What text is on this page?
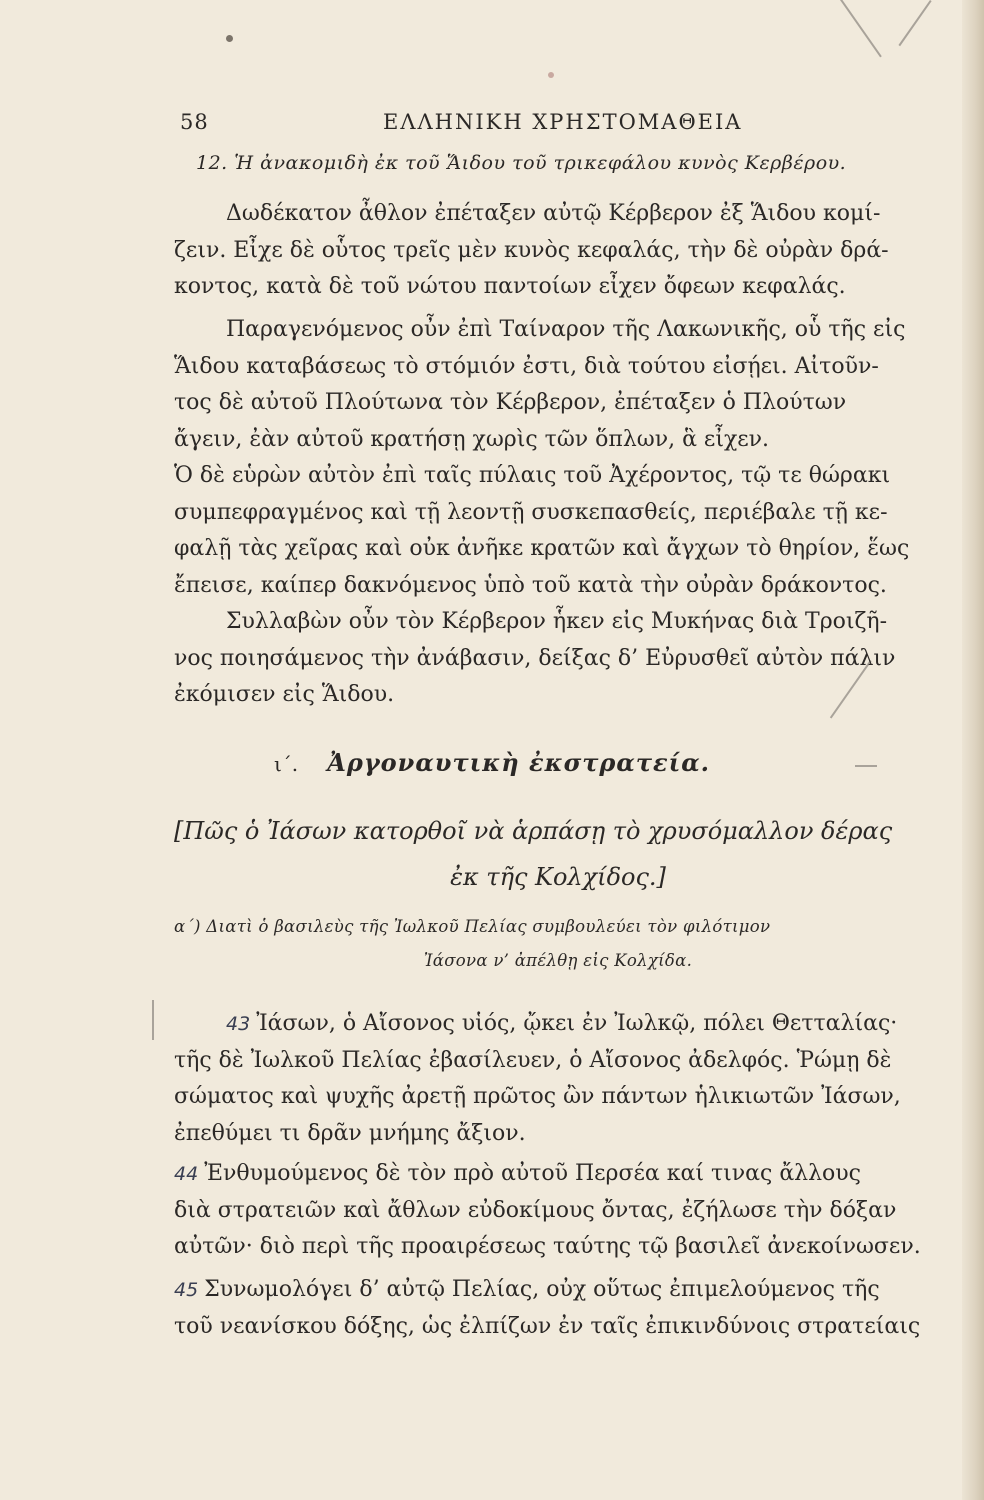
58	ΕΛΛΗΝΙΚΗ ΧΡΗΣΤΟΜΑΘΕΙΑ
12. Ἡ ἀνακομιδὴ ἐκ τοῦ Ἅιδου τοῦ τρικεφάλου κυνὸς Κερβέρου.
Δωδέκατον ἆθλον ἐπέταξεν αὐτῷ Κέρβερον ἐξ Ἅιδου κομί-
ζειν. Εἶχε δὲ οὗτος τρεῖς μὲν κυνὸς κεφαλάς, τὴν δὲ οὐρὰν δρά-
κοντος, κατὰ δὲ τοῦ νώτου παντοίων εἶχεν ὄφεων κεφαλάς.
Παραγενόμενος οὖν ἐπὶ Ταίναρον τῆς Λακωνικῆς, οὗ τῆς εἰς
Ἅιδου καταβάσεως τὸ στόμιόν ἐστι, διὰ τούτου εἰσῄει. Αἰτοῦν-
τος δὲ αὐτοῦ Πλούτωνα τὸν Κέρβερον, ἐπέταξεν ὁ Πλούτων
ἄγειν, ἐὰν αὐτοῦ κρατήσῃ χωρὶς τῶν ὅπλων, ἃ εἶχεν.
Ὁ δὲ εὑρὼν αὐτὸν ἐπὶ ταῖς πύλαις τοῦ Ἀχέροντος, τῷ τε θώρακι
συμπεφραγμένος καὶ τῇ λεοντῇ συσκεπασθείς, περιέβαλε τῇ κε-
φαλῇ τὰς χεῖρας καὶ οὐκ ἀνῆκε κρατῶν καὶ ἄγχων τὸ θηρίον, ἕως
ἔπεισε, καίπερ δακνόμενος ὑπὸ τοῦ κατὰ τὴν οὐρὰν δράκοντος.
Συλλαβὼν οὖν τὸν Κέρβερον ἧκεν εἰς Μυκήνας διὰ Τροιζῆ-
νος ποιησάμενος τὴν ἀνάβασιν, δείξας δ’ Εὐρυσθεῖ αὐτὸν πάλιν
ἐκόμισεν εἰς Ἅιδου.
ι΄. Ἀργοναυτικὴ ἐκστρατεία.
[Πῶς ὁ Ἰάσων κατορθοῖ νὰ ἁρπάσῃ τὸ χρυσόμαλλον δέρας
ἐκ τῆς Κολχίδος.]
α΄) Διατὶ ὁ βασιλεὺς τῆς Ἰωλκοῦ Πελίας συμβουλεύει τὸν φιλότιμον
Ἰάσονα ν’ ἀπέλθῃ εἰς Κολχίδα.
43 Ἰάσων, ὁ Αἴσονος υἱός, ᾤκει ἐν Ἰωλκῷ, πόλει Θετταλίας·
τῆς δὲ Ἰωλκοῦ Πελίας ἐβασίλευεν, ὁ Αἴσονος ἀδελφός. Ῥώμῃ δὲ
σώματος καὶ ψυχῆς ἀρετῇ πρῶτος ὢν πάντων ἡλικιωτῶν Ἰάσων,
ἐπεθύμει τι δρᾶν μνήμης ἄξιον.
44 Ἐνθυμούμενος δὲ τὸν πρὸ αὐτοῦ Περσέα καί τινας ἄλλους
διὰ στρατειῶν καὶ ἄθλων εὐδοκίμους ὄντας, ἐζήλωσε τὴν δόξαν
αὐτῶν· διὸ περὶ τῆς προαιρέσεως ταύτης τῷ βασιλεῖ ἀνεκοίνωσεν.
45 Συνωμολόγει δ’ αὐτῷ Πελίας, οὐχ οὕτως ἐπιμελούμενος τῆς
τοῦ νεανίσκου δόξης, ὡς ἐλπίζων ἐν ταῖς ἐπικινδύνοις στρατείαις
